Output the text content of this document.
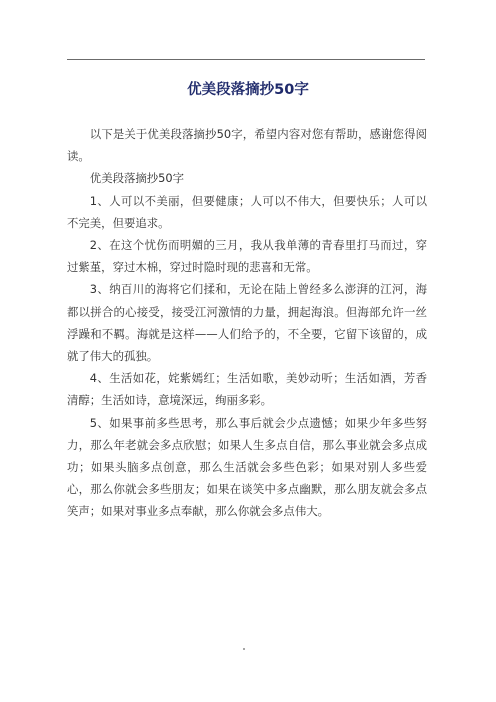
优美段落摘抄50字

以下是关于优美段落摘抄50字，希望内容对您有帮助，感谢您得阅读。

优美段落摘抄50字

1、人可以不美丽，但要健康；人可以不伟大，但要快乐；人可以不完美，但要追求。

2、在这个忧伤而明媚的三月，我从我单薄的青春里打马而过，穿过紫堇，穿过木棉，穿过时隐时现的悲喜和无常。

3、纳百川的海将它们揉和，无论在陆上曾经多么澎湃的江河，海都以拼合的心接受，接受江河激情的力量，拥起海浪。但海部允许一丝浮躁和不羁。海就是这样——人们给予的，不全要，它留下该留的，成就了伟大的孤独。

4、生活如花，姹紫嫣红；生活如歌，美妙动听；生活如酒，芳香清醇；生活如诗，意境深远，绚丽多彩。

5、如果事前多些思考，那么事后就会少点遗憾；如果少年多些努力，那么年老就会多点欣慰；如果人生多点自信，那么事业就会多点成功；如果头脑多点创意，那么生活就会多些色彩；如果对别人多些爱心，那么你就会多些朋友；如果在谈笑中多点幽默，那么朋友就会多点笑声；如果对事业多点奉献，那么你就会多点伟大。
